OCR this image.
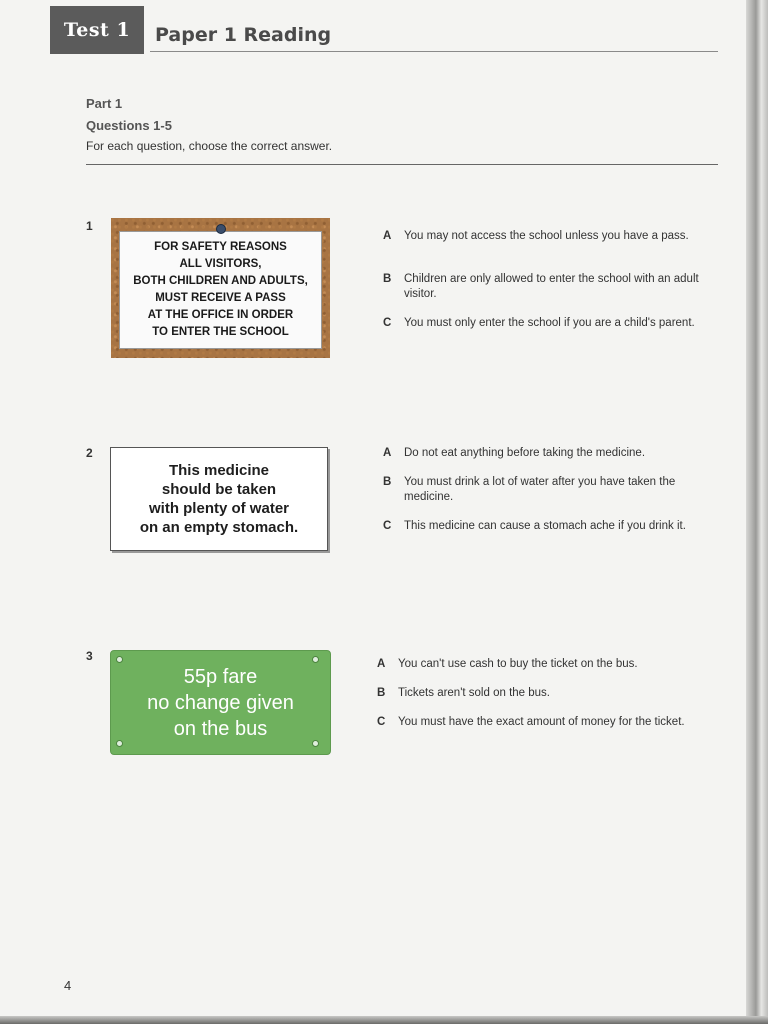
Test 1	Paper 1 Reading
Part 1
Questions 1-5
For each question, choose the correct answer.
1
FOR SAFETY REASONS
ALL VISITORS,
BOTH CHILDREN AND ADULTS,
MUST RECEIVE A PASS
AT THE OFFICE IN ORDER
TO ENTER THE SCHOOL
A You may not access the school unless you have a pass.
B Children are only allowed to enter the school with an adult visitor.
C You must only enter the school if you are a child's parent.
2
This medicine
should be taken
with plenty of water
on an empty stomach.
A Do not eat anything before taking the medicine.
B You must drink a lot of water after you have taken the medicine.
C This medicine can cause a stomach ache if you drink it.
3
55p fare
no change given
on the bus
A You can't use cash to buy the ticket on the bus.
B Tickets aren't sold on the bus.
C You must have the exact amount of money for the ticket.
4
